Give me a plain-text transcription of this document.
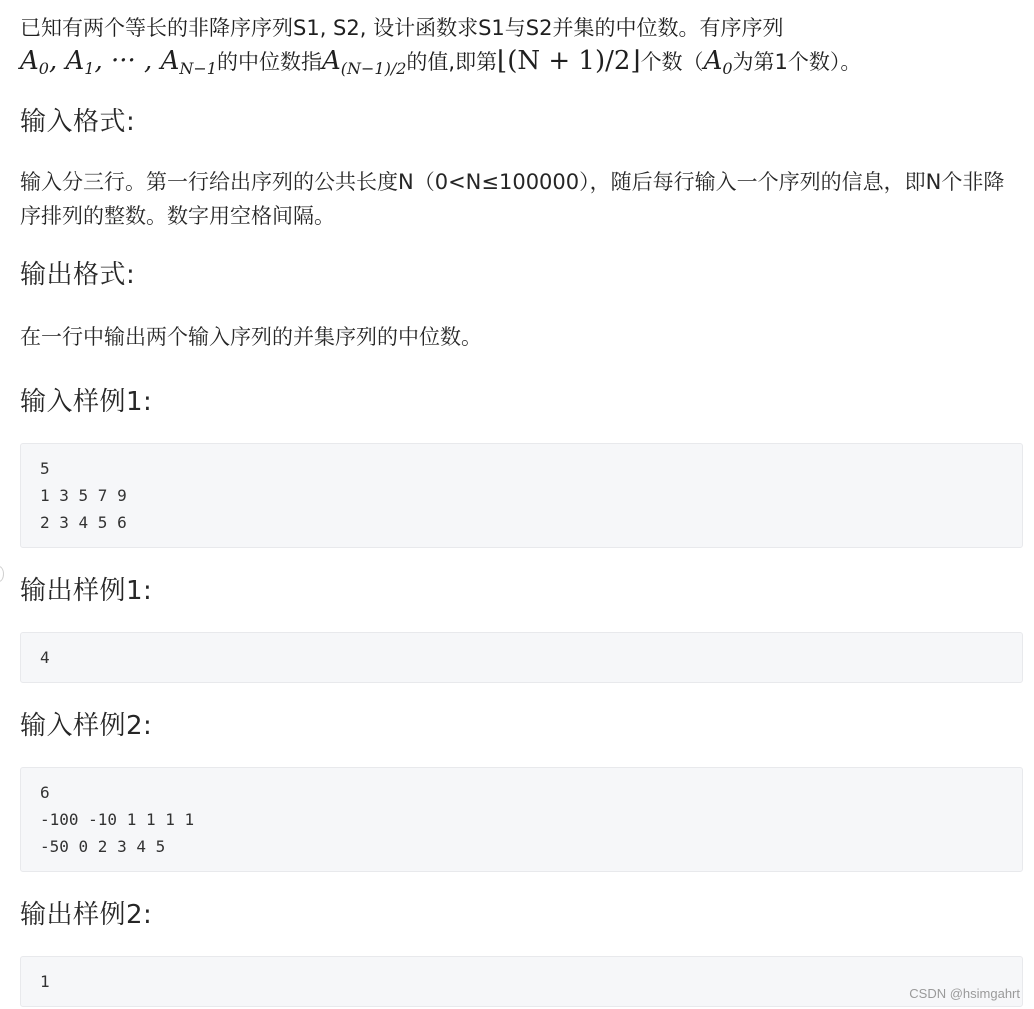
已知有两个等长的非降序序列S1, S2, 设计函数求S1与S2并集的中位数。有序序列
$A_0$, $A_1$, ··· , $A_{N-1}$的中位数指$A_{(N-1)/2}$的值,即第⌊(N + 1)/2⌋个数（$A_0$为第1个数）。
输入格式:

输入分三行。第一行给出序列的公共长度N（0<N≤100000），随后每行输入一个序列的信息，即N个非降序排列的整数。数字用空格间隔。

输出格式:

在一行中输出两个输入序列的并集序列的中位数。

输入样例1:
5
1 3 5 7 9
2 3 4 5 6
输出样例1:
4
输入样例2:
6
-100 -10 1 1 1 1
-50 0 2 3 4 5
输出样例2:
1
CSDN @hsimgahrt
